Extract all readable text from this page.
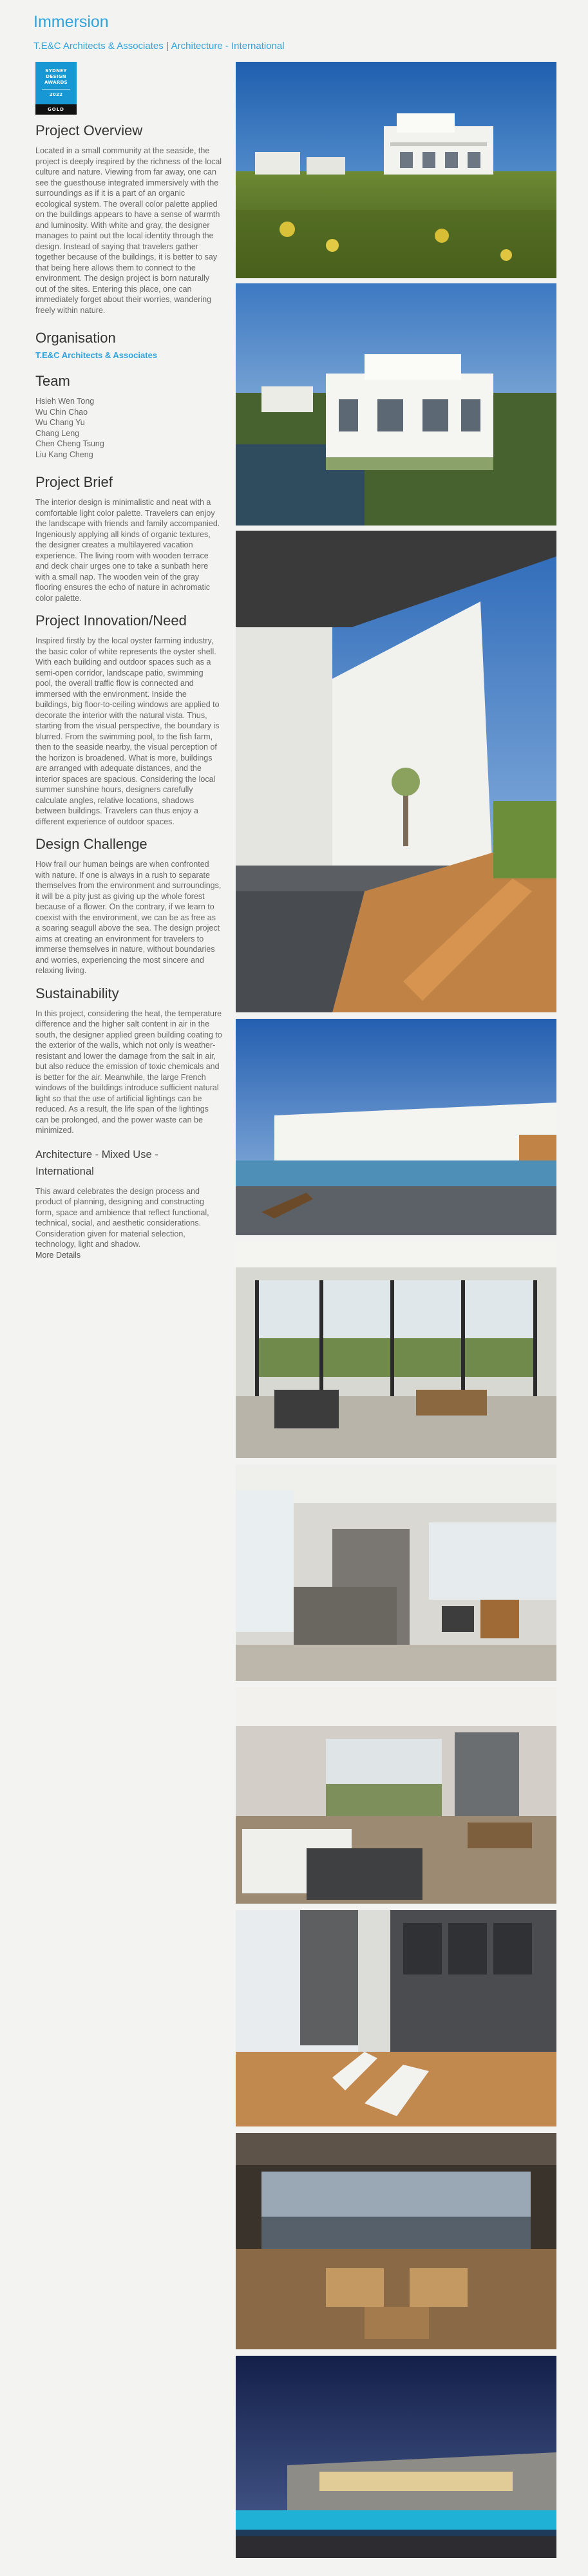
Immersion
T.E&C Architects & Associates | Architecture - International
SYDNEY
DESIGN
AWARDS
2022
GOLD
Project Overview

Located in a small community at the seaside, the project is deeply inspired by the richness of the local culture and nature. Viewing from far away, one can see the guesthouse integrated immersively with the surroundings as if it is a part of an organic ecological system. The overall color palette applied on the buildings appears to have a sense of warmth and luminosity. With white and gray, the designer manages to paint out the local identity through the design. Instead of saying that travelers gather together because of the buildings, it is better to say that being here allows them to connect to the environment. The design project is born naturally out of the sites. Entering this place, one can immediately forget about their worries, wandering freely within nature.

Organisation
T.E&C Architects & Associates
Team
Hsieh Wen Tong
Wu Chin Chao
Wu Chang Yu
Chang Leng
Chen Cheng Tsung
Liu Kang Cheng
Project Brief

The interior design is minimalistic and neat with a comfortable light color palette. Travelers can enjoy the landscape with friends and family accompanied. Ingeniously applying all kinds of organic textures, the designer creates a multilayered vacation experience. The living room with wooden terrace and deck chair urges one to take a sunbath here with a small nap. The wooden vein of the gray flooring ensures the echo of nature in achromatic color palette.

Project Innovation/Need

Inspired firstly by the local oyster farming industry, the basic color of white represents the oyster shell. With each building and outdoor spaces such as a semi-open corridor, landscape patio, swimming pool, the overall traffic flow is connected and immersed with the environment. Inside the buildings, big floor-to-ceiling windows are applied to decorate the interior with the natural vista. Thus, starting from the visual perspective, the boundary is blurred. From the swimming pool, to the fish farm, then to the seaside nearby, the visual perception of the horizon is broadened. What is more, buildings are arranged with adequate distances, and the interior spaces are spacious. Considering the local summer sunshine hours, designers carefully calculate angles, relative locations, shadows between buildings. Travelers can thus enjoy a different experience of outdoor spaces.

Design Challenge

How frail our human beings are when confronted with nature. If one is always in a rush to separate themselves from the environment and surroundings, it will be a pity just as giving up the whole forest because of a flower. On the contrary, if we learn to coexist with the environment, we can be as free as a soaring seagull above the sea. The design project aims at creating an environment for travelers to immerse themselves in nature, without boundaries and worries, experiencing the most sincere and relaxing living.

Sustainability

In this project, considering the heat, the temperature difference and the higher salt content in air in the south, the designer applied green building coating to the exterior of the walls, which not only is weather-resistant and lower the damage from the salt in air, but also reduce the emission of toxic chemicals and is better for the air. Meanwhile, the large French windows of the buildings introduce sufficient natural light so that the use of artificial lightings can be reduced. As a result, the life span of the lightings can be prolonged, and the power waste can be minimized.

Architecture - Mixed Use -
International

This award celebrates the design process and product of planning, designing and constructing form, space and ambience that reflect functional, technical, social, and aesthetic considerations. Consideration given for material selection, technology, light and shadow.

More Details
